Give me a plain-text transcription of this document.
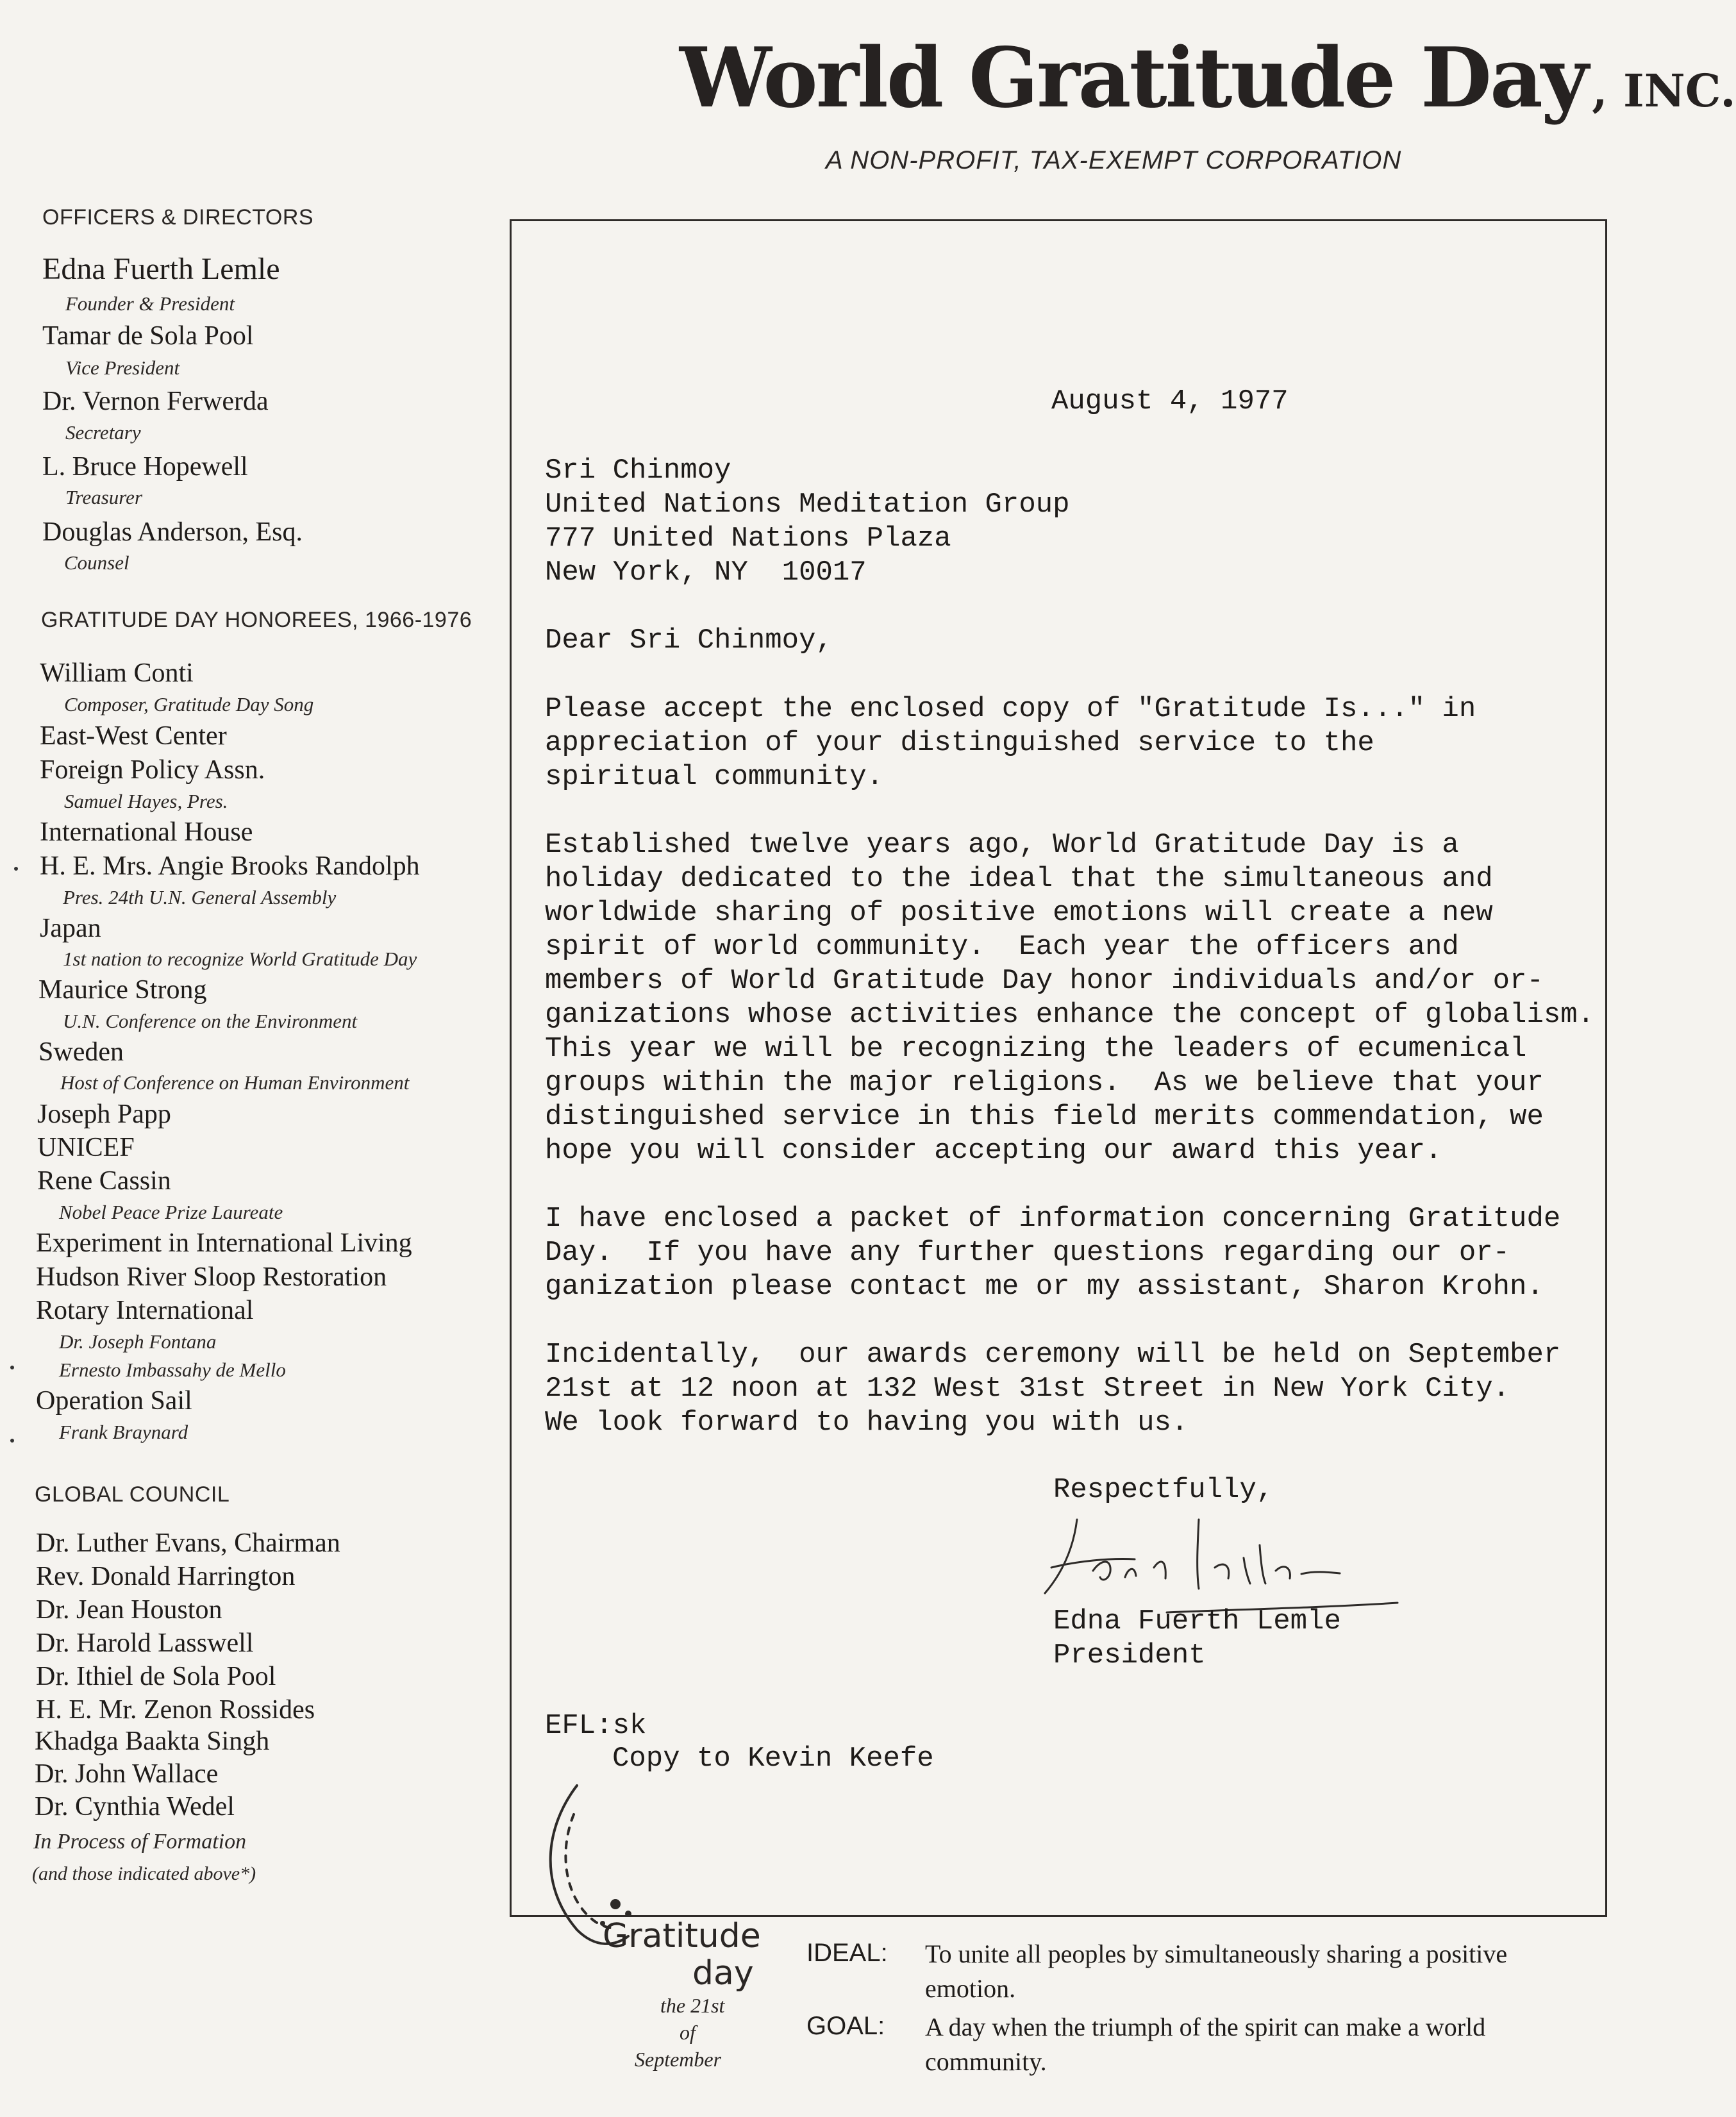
World Gratitude Day , INC.
A NON-PROFIT, TAX-EXEMPT CORPORATION
OFFICERS & DIRECTORS
Edna Fuerth Lemle
Founder & President
Tamar de Sola Pool
Vice President
Dr. Vernon Ferwerda
Secretary
L. Bruce Hopewell
Treasurer
Douglas Anderson, Esq.
Counsel
GRATITUDE DAY HONOREES, 1966-1976
William Conti
Composer, Gratitude Day Song
East-West Center
Foreign Policy Assn.
Samuel Hayes, Pres.
International House
H. E. Mrs. Angie Brooks Randolph
Pres. 24th U.N. General Assembly
Japan
1st nation to recognize World Gratitude Day
Maurice Strong
U.N. Conference on the Environment
Sweden
Host of Conference on Human Environment
Joseph Papp
UNICEF
Rene Cassin
Nobel Peace Prize Laureate
Experiment in International Living
Hudson River Sloop Restoration
Rotary International
Dr. Joseph Fontana
Ernesto Imbassahy de Mello
Operation Sail
Frank Braynard
GLOBAL COUNCIL
Dr. Luther Evans, Chairman
Rev. Donald Harrington
Dr. Jean Houston
Dr. Harold Lasswell
Dr. Ithiel de Sola Pool
H. E. Mr. Zenon Rossides
Khadga Baakta Singh
Dr. John Wallace
Dr. Cynthia Wedel
In Process of Formation
(and those indicated above*)
August 4, 1977
Sri Chinmoy
United Nations Meditation Group
777 United Nations Plaza
New York, NY  10017
Dear Sri Chinmoy,
Please accept the enclosed copy of "Gratitude Is..." in
appreciation of your distinguished service to the
spiritual community.
Established twelve years ago, World Gratitude Day is a
holiday dedicated to the ideal that the simultaneous and
worldwide sharing of positive emotions will create a new
spirit of world community.  Each year the officers and
members of World Gratitude Day honor individuals and/or or-
ganizations whose activities enhance the concept of globalism.
This year we will be recognizing the leaders of ecumenical
groups within the major religions.  As we believe that your
distinguished service in this field merits commendation, we
hope you will consider accepting our award this year.
I have enclosed a packet of information concerning Gratitude
Day.  If you have any further questions regarding our or-
ganization please contact me or my assistant, Sharon Krohn.
Incidentally,  our awards ceremony will be held on September
21st at 12 noon at 132 West 31st Street in New York City.
We look forward to having you with us.
Respectfully,
Edna Fuerth Lemle
President
EFL:sk
Copy to Kevin Keefe
Gratitude
day
the 21st
of
September
IDEAL: To unite all peoples by simultaneously sharing a positive
emotion.
GOAL: A day when the triumph of the spirit can make a world
community.
